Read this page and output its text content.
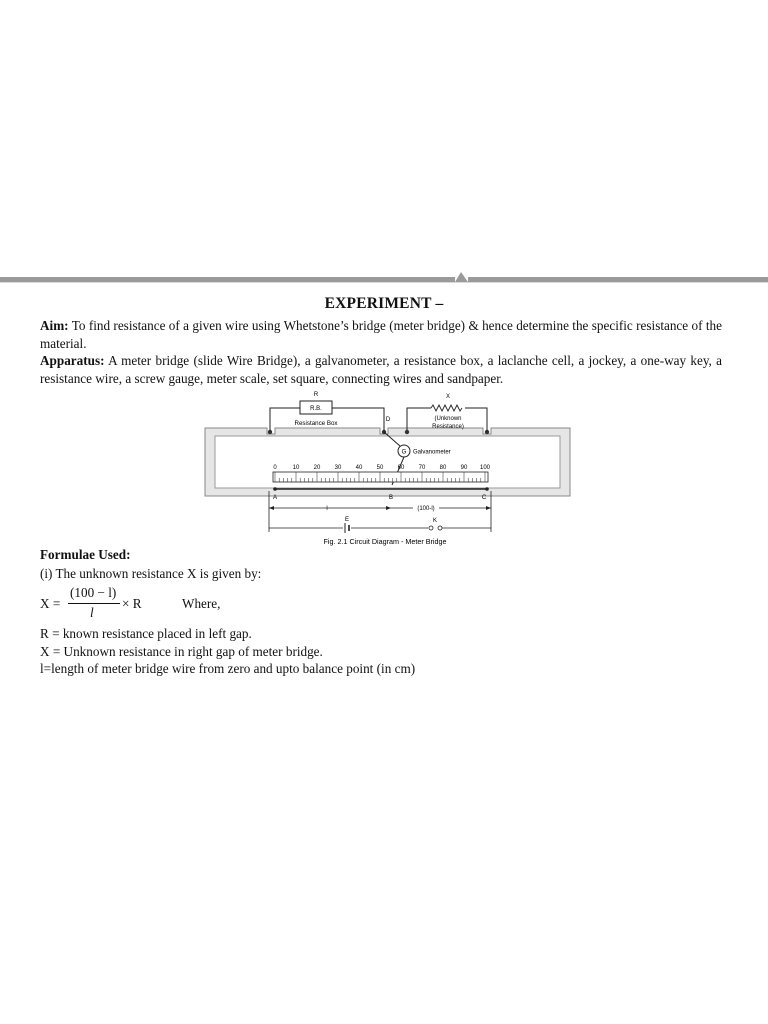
EXPERIMENT –
Aim: To find resistance of a given wire using Whetstone’s bridge (meter bridge) & hence determine the specific resistance of the material.
Apparatus: A meter bridge (slide Wire Bridge), a galvanometer, a resistance box, a laclanche cell, a jockey, a one-way key, a resistance wire, a screw gauge, meter scale, set square, connecting wires and sandpaper.
R
R.B.
Resistance Box
X
(Unknown
Resistance)
D
G Galvanometer
0	10 20 30 40 50 60 70 80 90 100
A	B	C
l	(100-l)
E	K
Fig. 2.1 Circuit Diagram - Meter Bridge
Formulae Used:
(i) The unknown resistance X is given by:
X =
(100 − l)
l
× R	Where,
R = known resistance placed in left gap.
X = Unknown resistance in right gap of meter bridge.
l=length of meter bridge wire from zero and upto balance point (in cm)
